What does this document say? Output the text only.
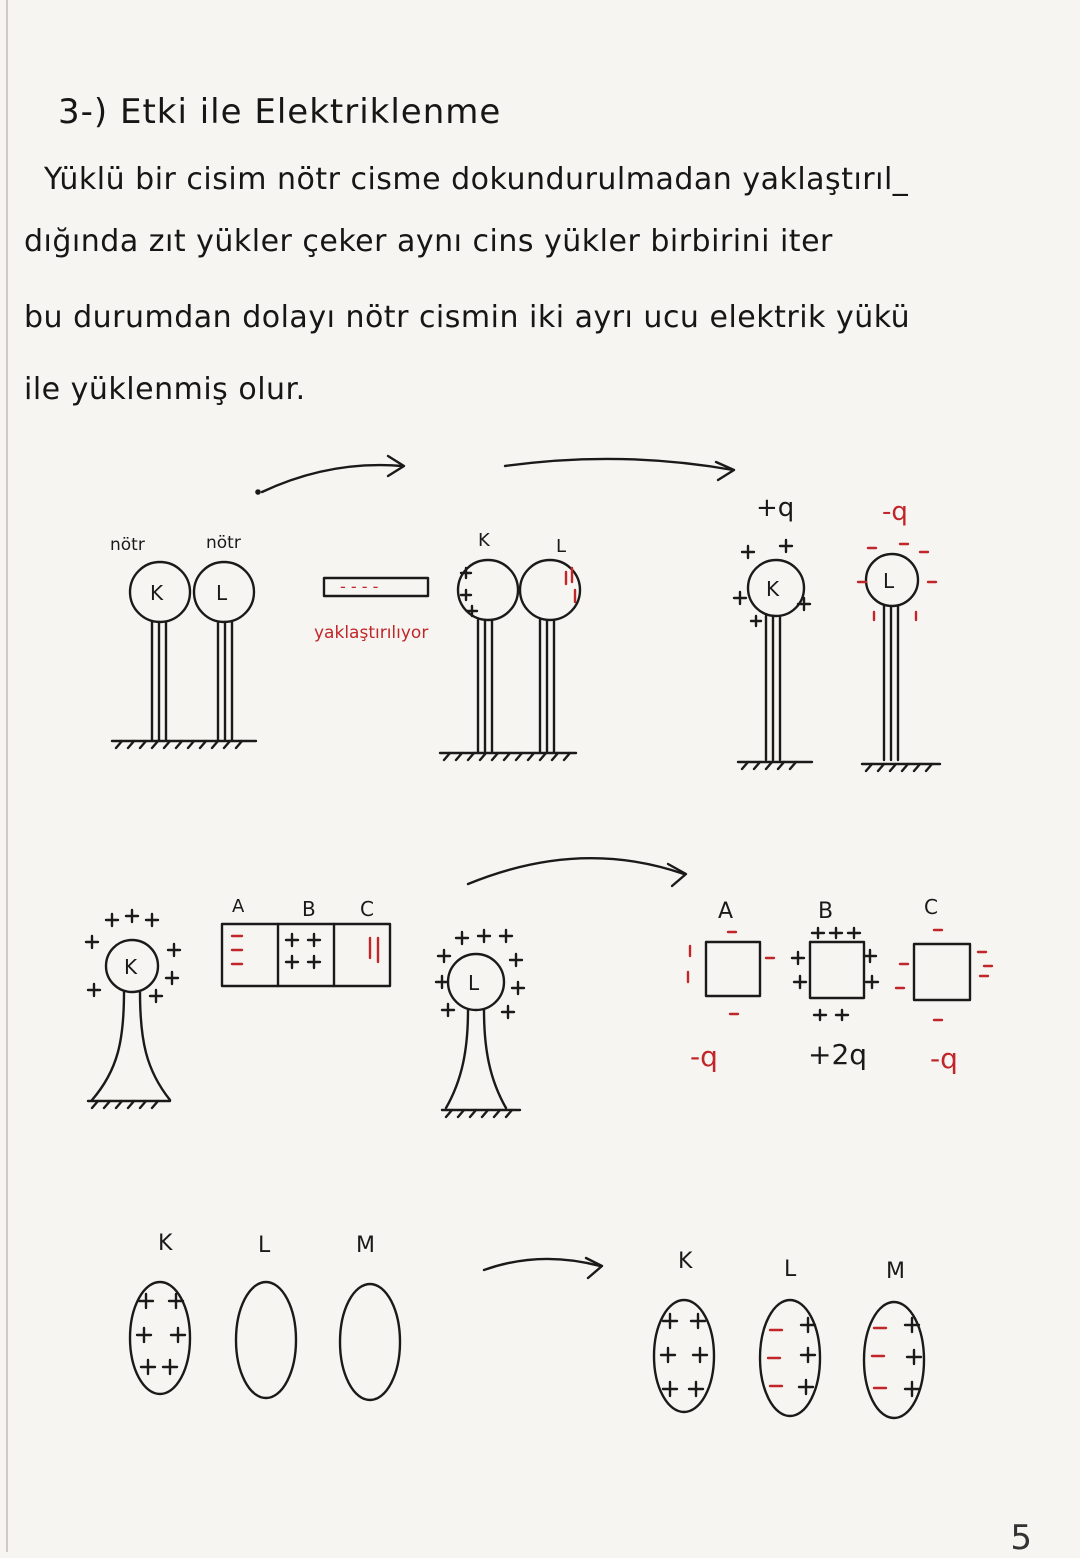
3-) Etki ile Elektriklenme
Yüklü bir cisim nötr cisme dokundurulmadan yaklaştırıl_
dığında zıt yükler çeker aynı cins yükler birbirini iter
bu durumdan dolayı nötr cismin iki ayrı ucu elektrik yükü
ile yüklenmiş olur.
nötr	nötr
K	L	- - - -
yaklaştırılıyor
K	L
+q	-q
K	L
K
A	B C
L
A	B	C
-q	+2q -q
K	L	M
K	L	M
5
